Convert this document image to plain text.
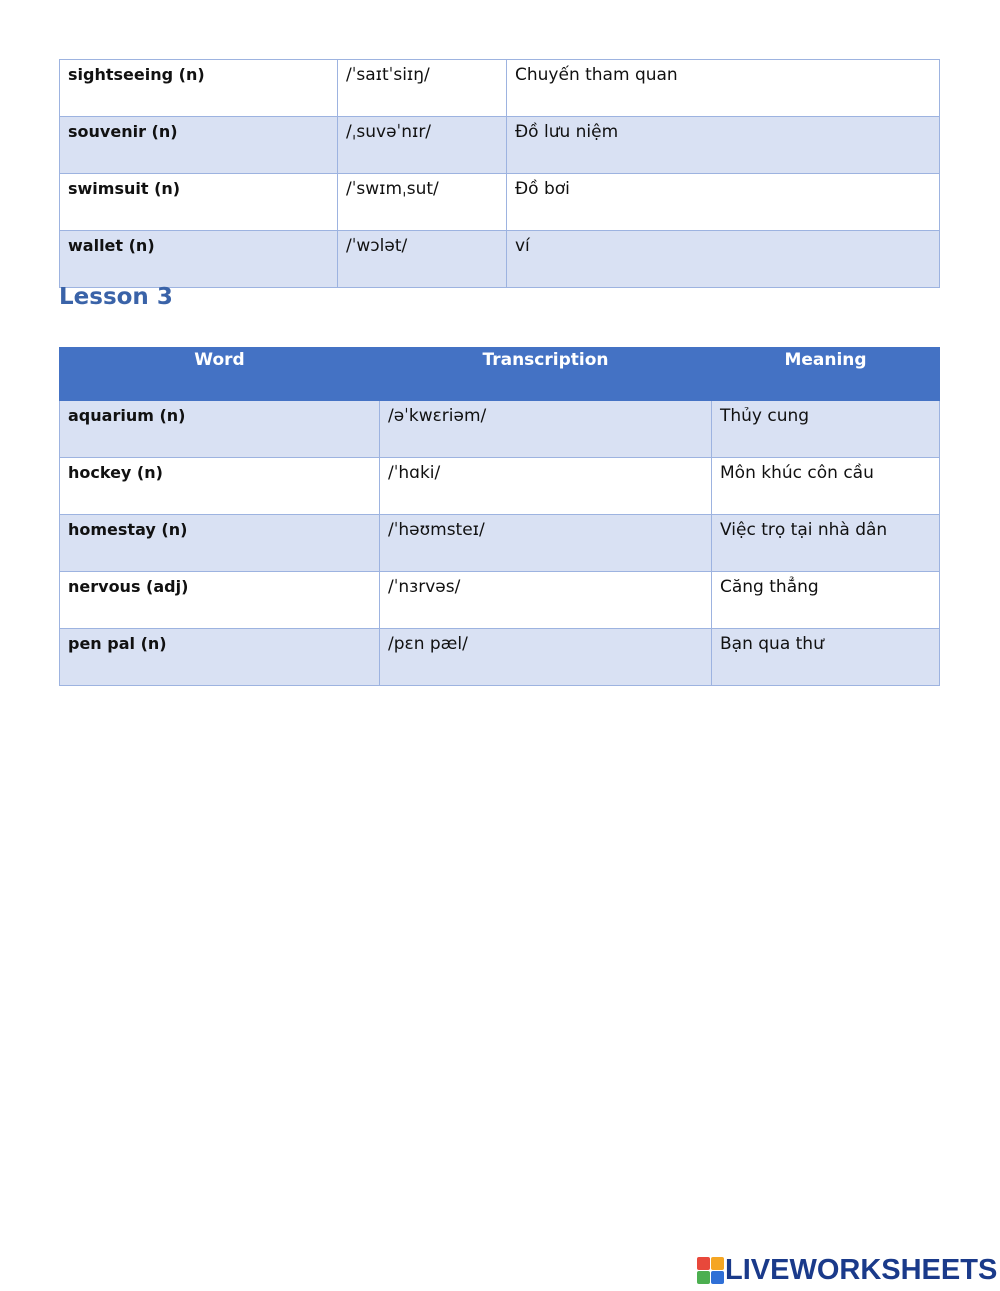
sightseeing (n)	/ˈsaɪtˈsiɪŋ/	Chuyến tham quan

souvenir (n)	/ˌsuvəˈnɪr/	Đồ lưu niệm

swimsuit (n)	/ˈswɪmˌsut/	Đồ bơi

wallet (n)	/ˈwɔlət/	ví
Lesson 3
Word	Transcription	Meaning

aquarium (n)	/əˈkwɛriəm/	Thủy cung

hockey (n)	/ˈhɑki/	Môn khúc côn cầu

homestay (n)	/ˈhəʊmsteɪ/	Việc trọ tại nhà dân

nervous (adj)	/ˈnɜrvəs/	Căng thẳng

pen pal (n)	/pɛn pæl/	Bạn qua thư
LIVEWORKSHEETS
